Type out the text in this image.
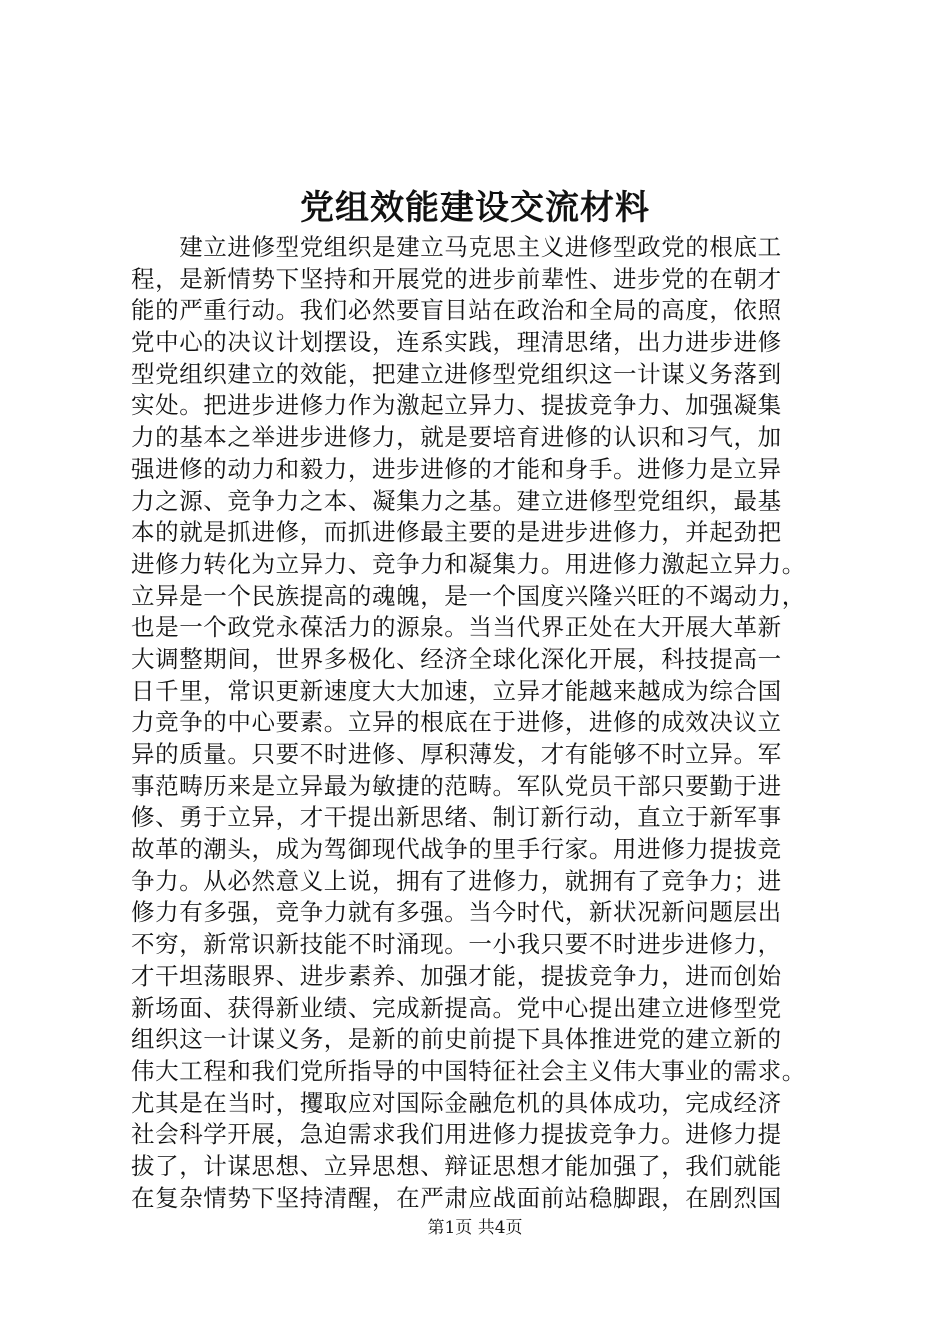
党组效能建设交流材料
　　建立进修型党组织是建立马克思主义进修型政党的根底工
程，是新情势下坚持和开展党的进步前辈性、进步党的在朝才
能的严重行动。我们必然要盲目站在政治和全局的高度，依照
党中心的决议计划摆设，连系实践，理清思绪，出力进步进修
型党组织建立的效能，把建立进修型党组织这一计谋义务落到
实处。把进步进修力作为激起立异力、提拔竞争力、加强凝集
力的基本之举进步进修力，就是要培育进修的认识和习气，加
强进修的动力和毅力，进步进修的才能和身手。进修力是立异
力之源、竞争力之本、凝集力之基。建立进修型党组织，最基
本的就是抓进修，而抓进修最主要的是进步进修力，并起劲把
进修力转化为立异力、竞争力和凝集力。用进修力激起立异力。
立异是一个民族提高的魂魄，是一个国度兴隆兴旺的不竭动力，
也是一个政党永葆活力的源泉。当当代界正处在大开展大革新
大调整期间，世界多极化、经济全球化深化开展，科技提高一
日千里，常识更新速度大大加速，立异才能越来越成为综合国
力竞争的中心要素。立异的根底在于进修，进修的成效决议立
异的质量。只要不时进修、厚积薄发，才有能够不时立异。军
事范畴历来是立异最为敏捷的范畴。军队党员干部只要勤于进
修、勇于立异，才干提出新思绪、制订新行动，直立于新军事
故革的潮头，成为驾御现代战争的里手行家。用进修力提拔竞
争力。从必然意义上说，拥有了进修力，就拥有了竞争力；进
修力有多强，竞争力就有多强。当今时代，新状况新问题层出
不穷，新常识新技能不时涌现。一小我只要不时进步进修力，
才干坦荡眼界、进步素养、加强才能，提拔竞争力，进而创始
新场面、获得新业绩、完成新提高。党中心提出建立进修型党
组织这一计谋义务，是新的前史前提下具体推进党的建立新的
伟大工程和我们党所指导的中国特征社会主义伟大事业的需求。
尤其是在当时，攫取应对国际金融危机的具体成功，完成经济
社会科学开展，急迫需求我们用进修力提拔竞争力。进修力提
拔了，计谋思想、立异思想、辩证思想才能加强了，我们就能
在复杂情势下坚持清醒，在严肃应战面前站稳脚跟，在剧烈国
第1页 共4页
